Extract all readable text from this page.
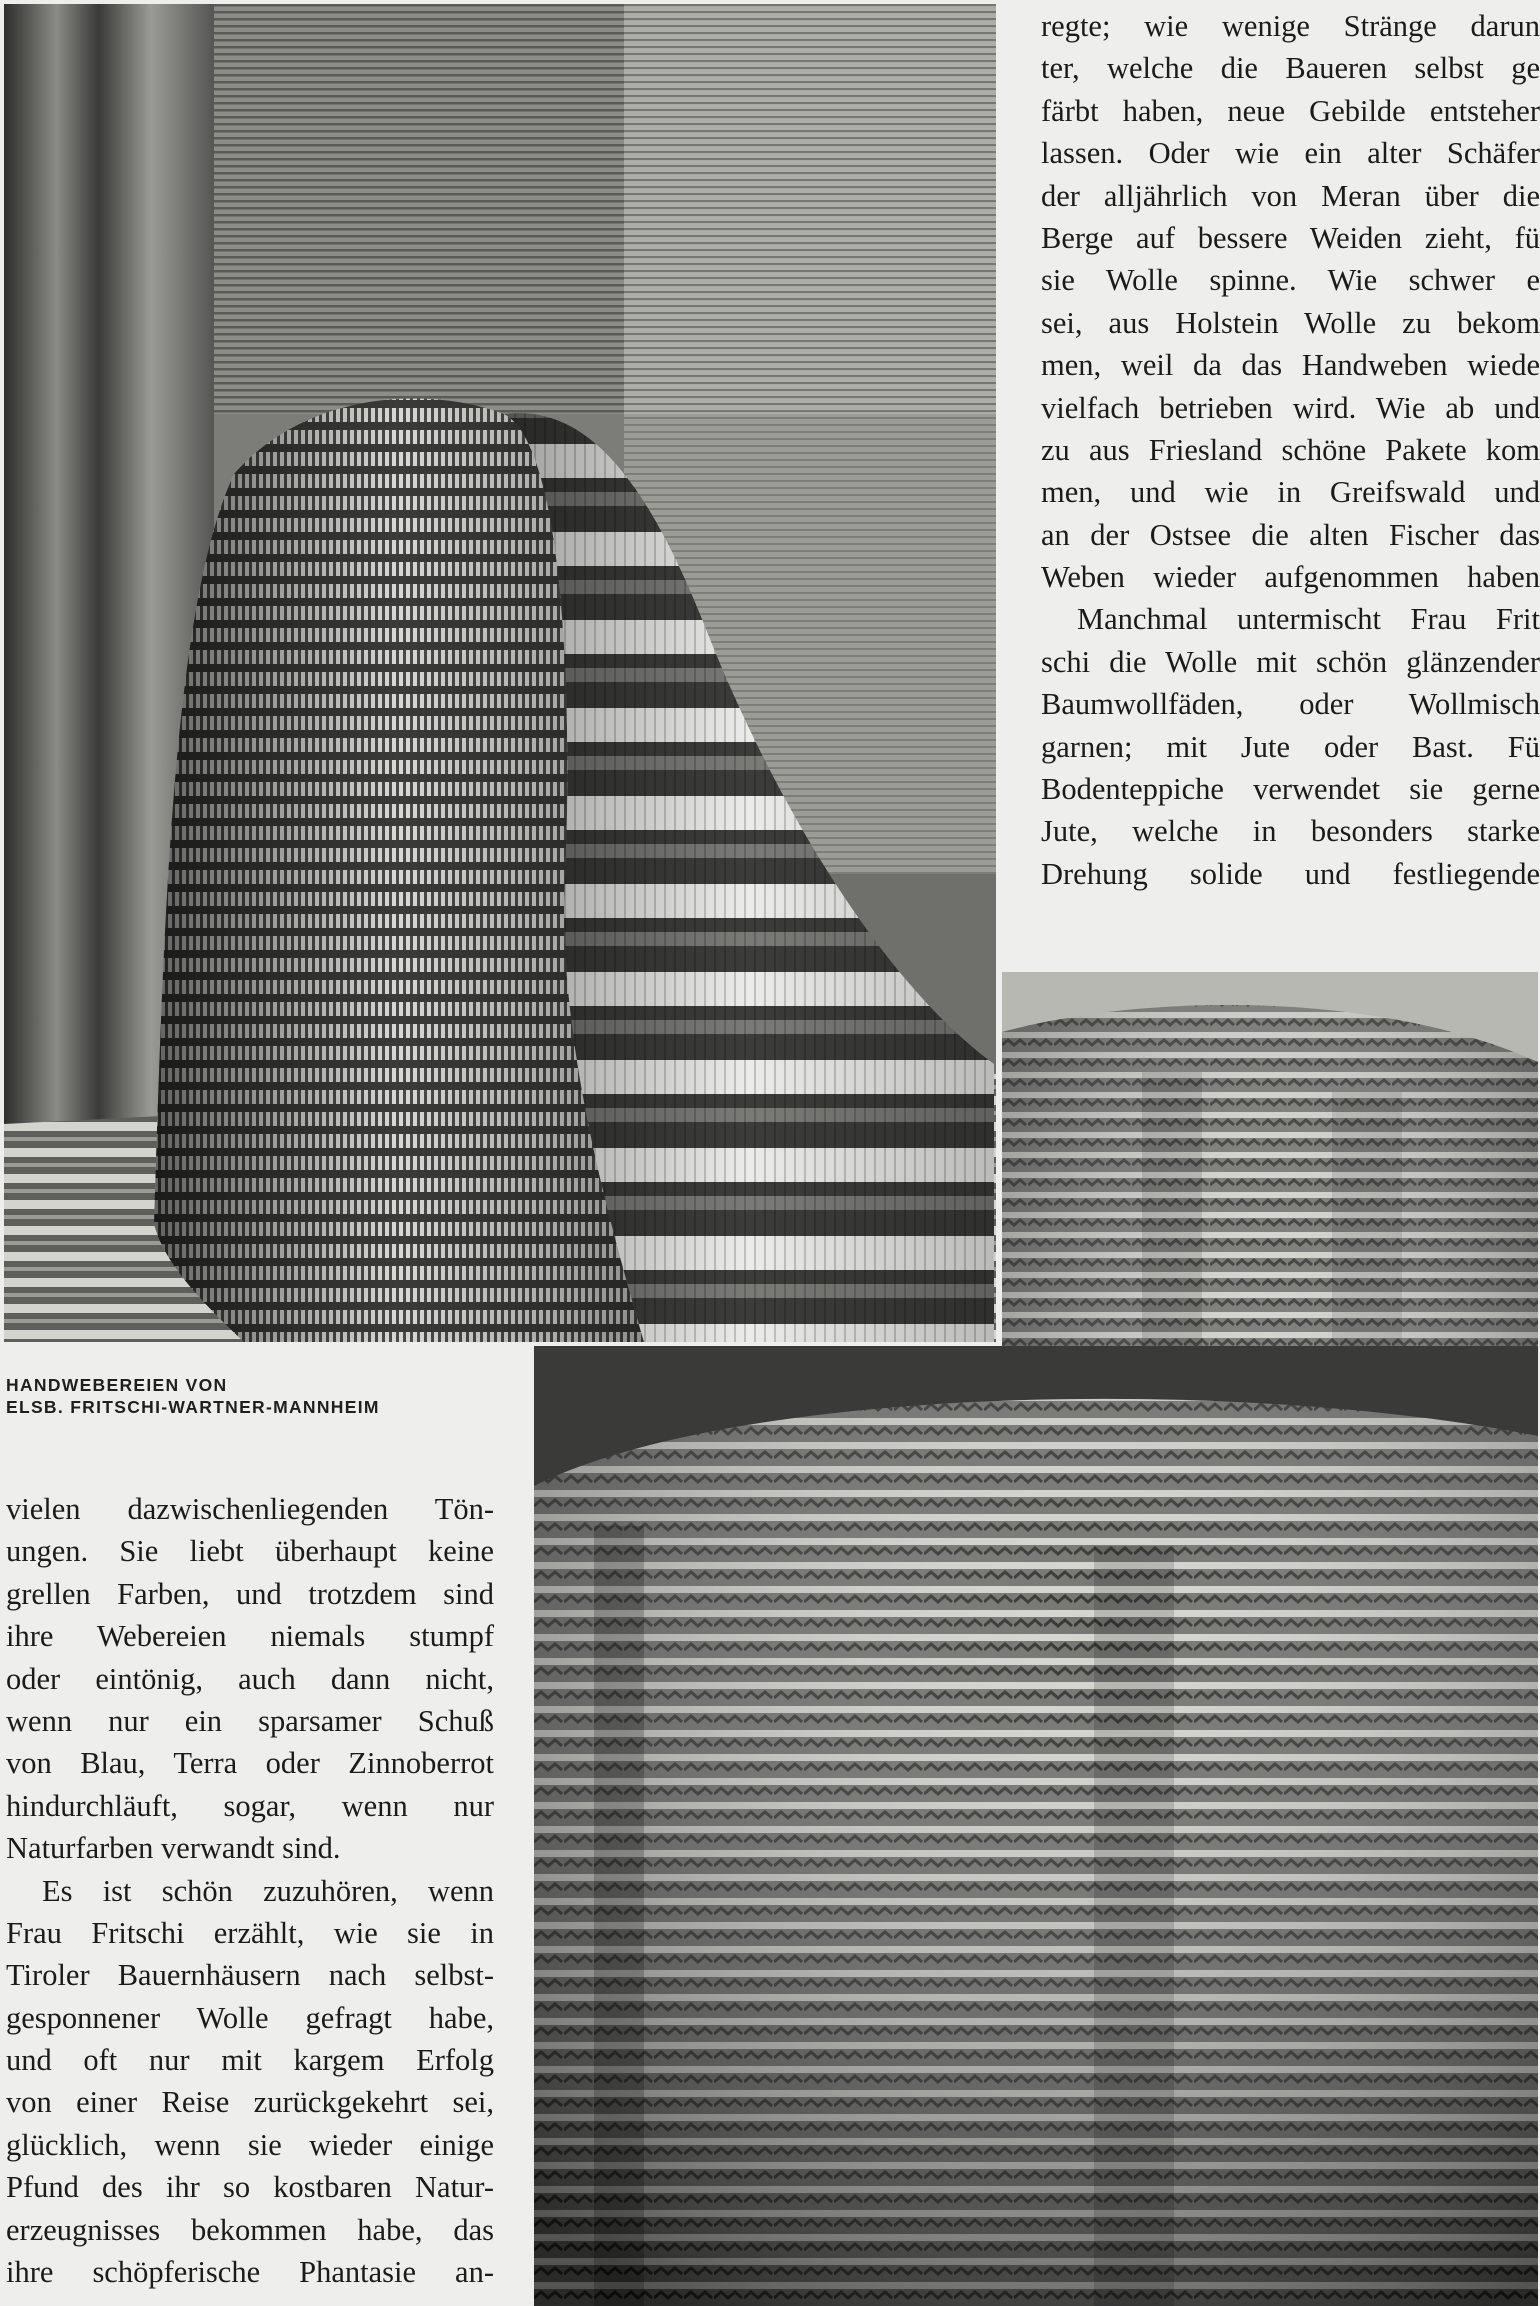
HANDWEBEREIEN VON
ELSB. FRITSCHI-WARTNER-MANNHEIM
regte; wie wenige Stränge darun
ter, welche die Baueren selbst ge
färbt haben, neue Gebilde entsteher
lassen. Oder wie ein alter Schäfer
der alljährlich von Meran über die
Berge auf bessere Weiden zieht, fü
sie Wolle spinne. Wie schwer e
sei, aus Holstein Wolle zu bekom
men, weil da das Handweben wiede
vielfach betrieben wird. Wie ab und
zu aus Friesland schöne Pakete kom
men, und wie in Greifswald und
an der Ostsee die alten Fischer das
Weben wieder aufgenommen haben
Manchmal untermischt Frau Frit
schi die Wolle mit schön glänzender
Baumwollfäden, oder Wollmisch
garnen; mit Jute oder Bast. Fü
Bodenteppiche verwendet sie gerne
Jute, welche in besonders starke
Drehung solide und festliegende
vielen dazwischenliegenden Tön-
ungen. Sie liebt überhaupt keine
grellen Farben, und trotzdem sind
ihre Webereien niemals stumpf
oder eintönig, auch dann nicht,
wenn nur ein sparsamer Schuß
von Blau, Terra oder Zinnoberrot
hindurchläuft, sogar, wenn nur
Naturfarben verwandt sind.
Es ist schön zuzuhören, wenn
Frau Fritschi erzählt, wie sie in
Tiroler Bauernhäusern nach selbst-
gesponnener Wolle gefragt habe,
und oft nur mit kargem Erfolg
von einer Reise zurückgekehrt sei,
glücklich, wenn sie wieder einige
Pfund des ihr so kostbaren Natur-
erzeugnisses bekommen habe, das
ihre schöpferische Phantasie an-
